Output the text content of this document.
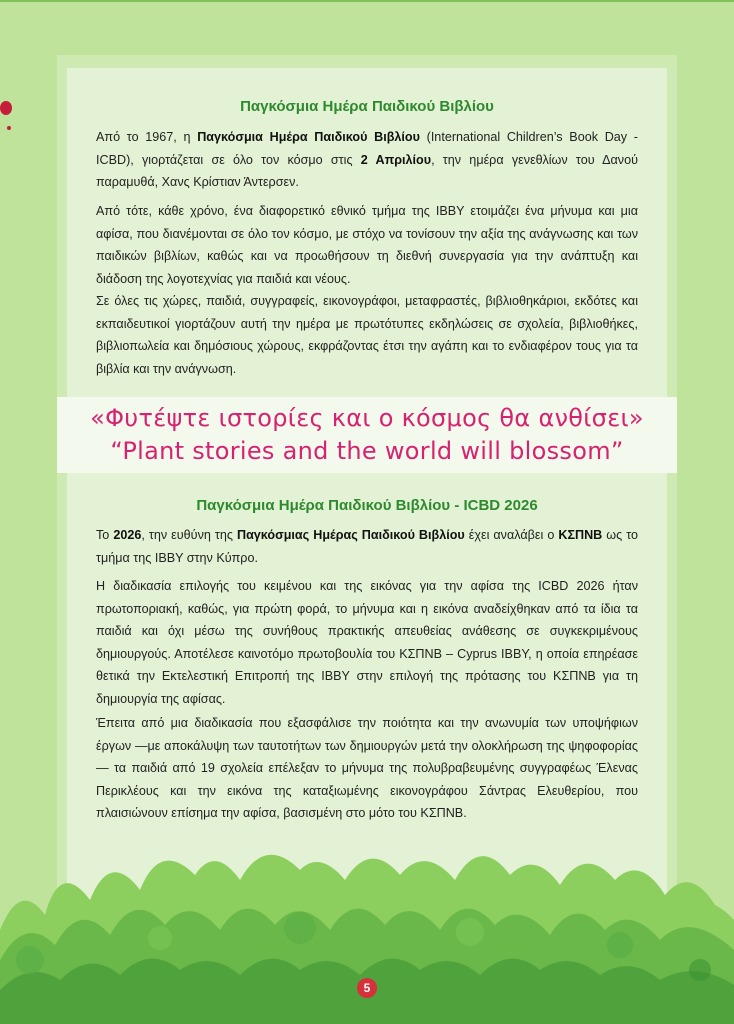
Παγκόσμια Ημέρα Παιδικού Βιβλίου

Από το 1967, η Παγκόσμια Ημέρα Παιδικού Βιβλίου (International Children’s Book Day - ICBD), γιορτάζεται σε όλο τον κόσμο στις 2 Απριλίου, την ημέρα γενεθλίων του Δανού παραμυθά, Χανς Κρίστιαν Άντερσεν.

Από τότε, κάθε χρόνο, ένα διαφορετικό εθνικό τμήμα της IBBY ετοιμάζει ένα μήνυμα και μια αφίσα, που διανέμονται σε όλο τον κόσμο, με στόχο να τονίσουν την αξία της ανάγνωσης και των παιδικών βιβλίων, καθώς και να προωθήσουν τη διεθνή συνεργασία για την ανάπτυξη και διάδοση της λογοτεχνίας για παιδιά και νέους.

Σε όλες τις χώρες, παιδιά, συγγραφείς, εικονογράφοι, μεταφραστές, βιβλιοθηκάριοι, εκδότες και εκπαιδευτικοί γιορτάζουν αυτή την ημέρα με πρωτότυπες εκδηλώσεις σε σχολεία, βιβλιοθήκες, βιβλιοπωλεία και δημόσιους χώρους, εκφράζοντας έτσι την αγάπη και το ενδιαφέρον τους για τα βιβλία και την ανάγνωση.

«Φυτέψτε ιστορίες και ο κόσμος θα ανθίσει»
“Plant stories and the world will blossom”
Παγκόσμια Ημέρα Παιδικού Βιβλίου - ICBD 2026

Το 2026, την ευθύνη της Παγκόσμιας Ημέρας Παιδικού Βιβλίου έχει αναλάβει ο ΚΣΠΝΒ ως το τμήμα της IBBY στην Κύπρο.

Η διαδικασία επιλογής του κειμένου και της εικόνας για την αφίσα της ICBD 2026 ήταν πρωτοποριακή, καθώς, για πρώτη φορά, το μήνυμα και η εικόνα αναδείχθηκαν από τα ίδια τα παιδιά και όχι μέσω της συνήθους πρακτικής απευθείας ανάθεσης σε συγκεκριμένους δημιουργούς. Αποτέλεσε καινοτόμο πρωτοβουλία του ΚΣΠΝΒ – Cyprus IBBY, η οποία επηρέασε θετικά την Εκτελεστική Επιτροπή της IBBY στην επιλογή της πρότασης του ΚΣΠΝΒ για τη δημιουργία της αφίσας.

Έπειτα από μια διαδικασία που εξασφάλισε την ποιότητα και την ανωνυμία των υποψήφιων έργων —με αποκάλυψη των ταυτοτήτων των δημιουργών μετά την ολοκλήρωση της ψηφοφορίας— τα παιδιά από 19 σχολεία επέλεξαν το μήνυμα της πολυβραβευμένης συγγραφέως Έλενας Περικλέους και την εικόνα της καταξιωμένης εικονογράφου Σάντρας Ελευθερίου, που πλαισιώνουν επίσημα την αφίσα, βασισμένη στο μότο του ΚΣΠΝΒ.

5
